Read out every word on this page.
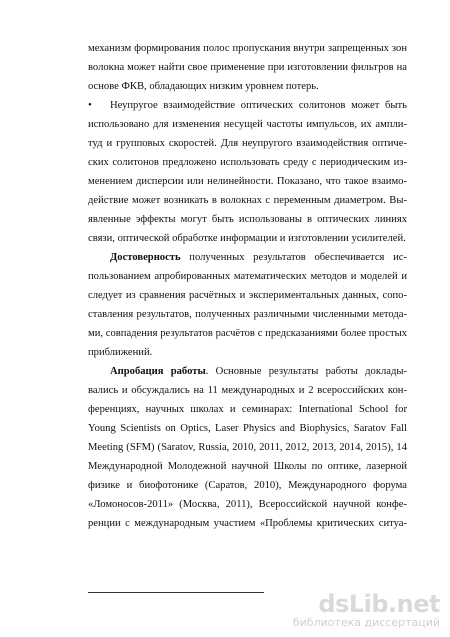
механизм формирования полос пропускания внутри запрещенных зон
волокна может найти свое применение при изготовлении фильтров на
основе ФКВ, обладающих низким уровнем потерь.
• Неупругое взаимодействие оптических солитонов может быть
использовано для изменения несущей частоты импульсов, их ампли-
туд и групповых скоростей. Для неупругого взаимодействия оптиче-
ских солитонов предложено использовать среду с периодическим из-
менением дисперсии или нелинейности. Показано, что такое взаимо-
действие может возникать в волокнах с переменным диаметром. Вы-
явленные эффекты могут быть использованы в оптических линиях
связи, оптической обработке информации и изготовлении усилителей.
Достоверность полученных результатов обеспечивается ис-
пользованием апробированных математических методов и моделей и
следует из сравнения расчётных и экспериментальных данных, сопо-
ставления результатов, полученных различными численными метода-
ми, совпадения результатов расчётов с предсказаниями более простых
приближений.
Апробация работы. Основные результаты работы доклады-
вались и обсуждались на 11 международных и 2 всероссийских кон-
ференциях, научных школах и семинарах: International School for
Young Scientists on Optics, Laser Physics and Biophysics, Saratov Fall
Meeting (SFM) (Saratov, Russia, 2010, 2011, 2012, 2013, 2014, 2015), 14
Международной Молодежной научной Школы по оптике, лазерной
физике и биофотонике (Саратов, 2010), Международного форума
«Ломоносов-2011» (Москва, 2011), Всероссийской научной конфе-
ренции с международным участием «Проблемы критических ситуа-
dsLib.net
библиотека диссертаций
